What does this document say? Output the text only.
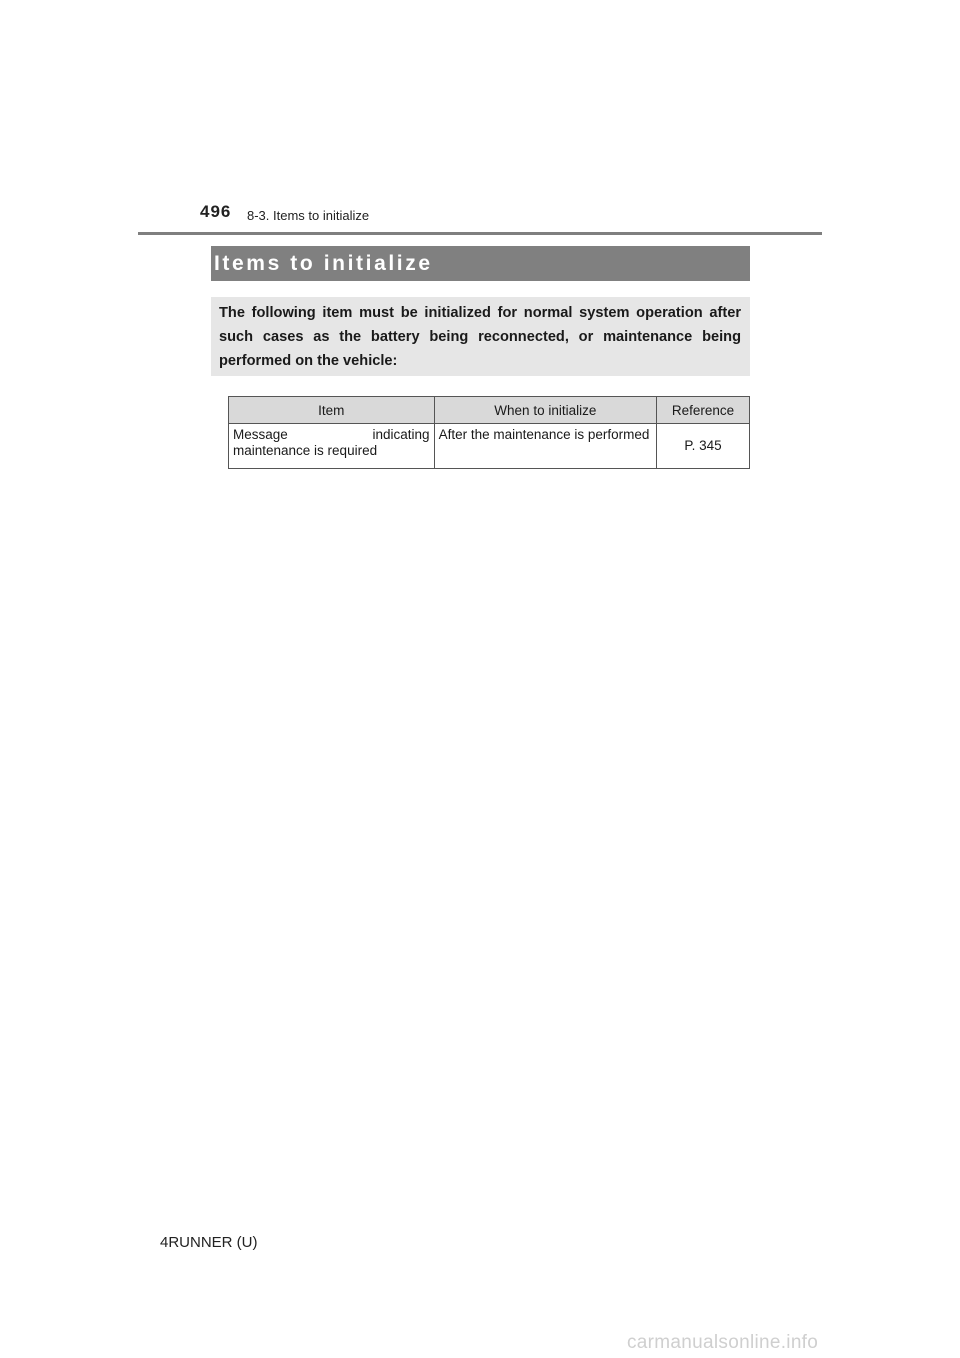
496 8-3. Items to initialize
Items to initialize
The following item must be initialized for normal system operation after such cases as the battery being reconnected, or maintenance being performed on the vehicle:
Item	When to initialize	Reference
Message indicating maintenance is required	After the maintenance is performed	P. 345
4RUNNER (U)
carmanualsonline.info
